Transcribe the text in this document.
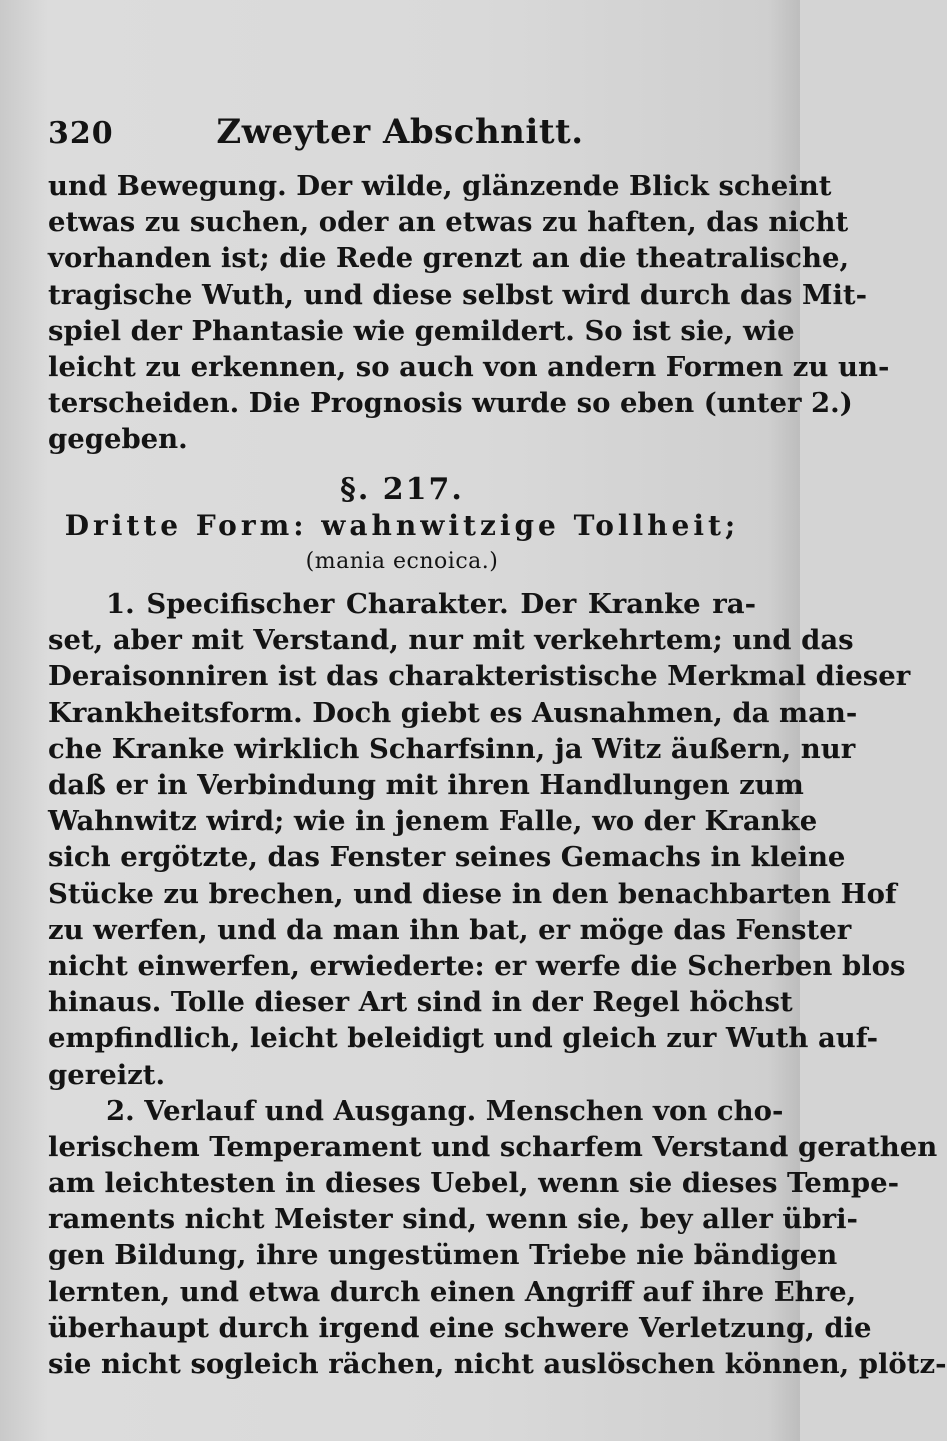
320	Zweyter Abschnitt.
und Bewegung. Der wilde, glänzende Blick scheint
etwas zu suchen, oder an etwas zu haften, das nicht
vorhanden ist; die Rede grenzt an die theatralische,
tragische Wuth, und diese selbst wird durch das Mit-
spiel der Phantasie wie gemildert. So ist sie, wie
leicht zu erkennen, so auch von andern Formen zu un-
terscheiden. Die Prognosis wurde so eben (unter 2.)
gegeben.
§. 217.
Dritte Form: wahnwitzige Tollheit;
(mania ecnoica.)
1. Specifischer Charakter. Der Kranke ra-
set, aber mit Verstand, nur mit verkehrtem; und das
Deraisonniren ist das charakteristische Merkmal dieser
Krankheitsform. Doch giebt es Ausnahmen, da man-
che Kranke wirklich Scharfsinn, ja Witz äußern, nur
daß er in Verbindung mit ihren Handlungen zum
Wahnwitz wird; wie in jenem Falle, wo der Kranke
sich ergötzte, das Fenster seines Gemachs in kleine
Stücke zu brechen, und diese in den benachbarten Hof
zu werfen, und da man ihn bat, er möge das Fenster
nicht einwerfen, erwiederte: er werfe die Scherben blos
hinaus. Tolle dieser Art sind in der Regel höchst
empfindlich, leicht beleidigt und gleich zur Wuth auf-
gereizt.
2. Verlauf und Ausgang. Menschen von cho-
lerischem Temperament und scharfem Verstand gerathen
am leichtesten in dieses Uebel, wenn sie dieses Tempe-
raments nicht Meister sind, wenn sie, bey aller übri-
gen Bildung, ihre ungestümen Triebe nie bändigen
lernten, und etwa durch einen Angriff auf ihre Ehre,
überhaupt durch irgend eine schwere Verletzung, die
sie nicht sogleich rächen, nicht auslöschen können, plötz-
